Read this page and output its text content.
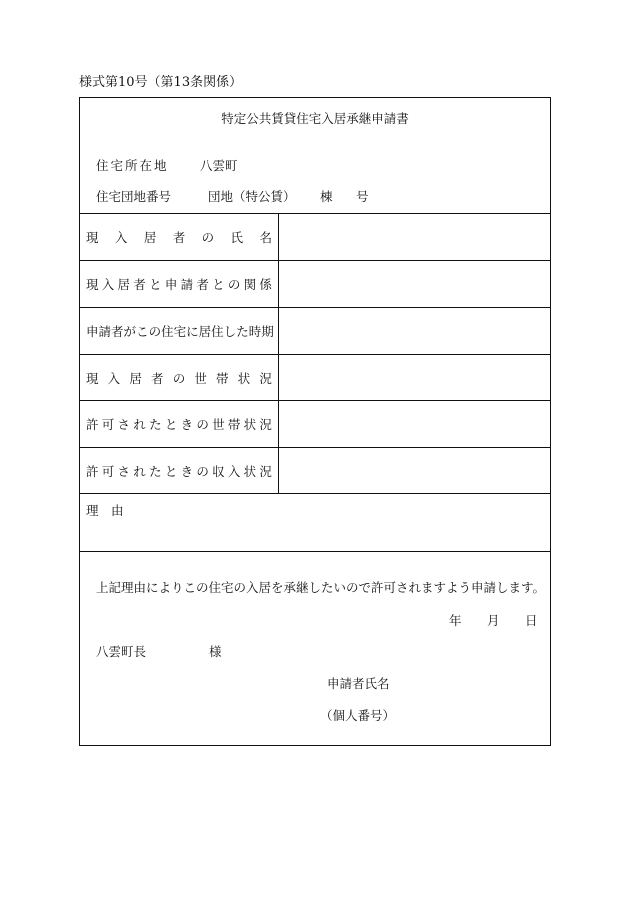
様式第10号（第13条関係）
特定公共賃貸住宅入居承継申請書
住宅所在地	八雲町
住宅団地番号	団地（特公賃） 棟 号
現 入 居 者 の 氏 名
現 入 居 者 と 申 請 者 と の 関 係
申 請 者 が こ の 住 宅 に 居 住 し た 時 期
現 入 居 者 の 世 帯 状 況
許 可 さ れ た と き の 世 帯 状 況
許 可 さ れ た と き の 収 入 状 況
理　由
上記理由によりこの住宅の入居を承継したいので許可されますよう申請します。
年 月 日
八雲町長	様
申請者氏名
（個人番号）
